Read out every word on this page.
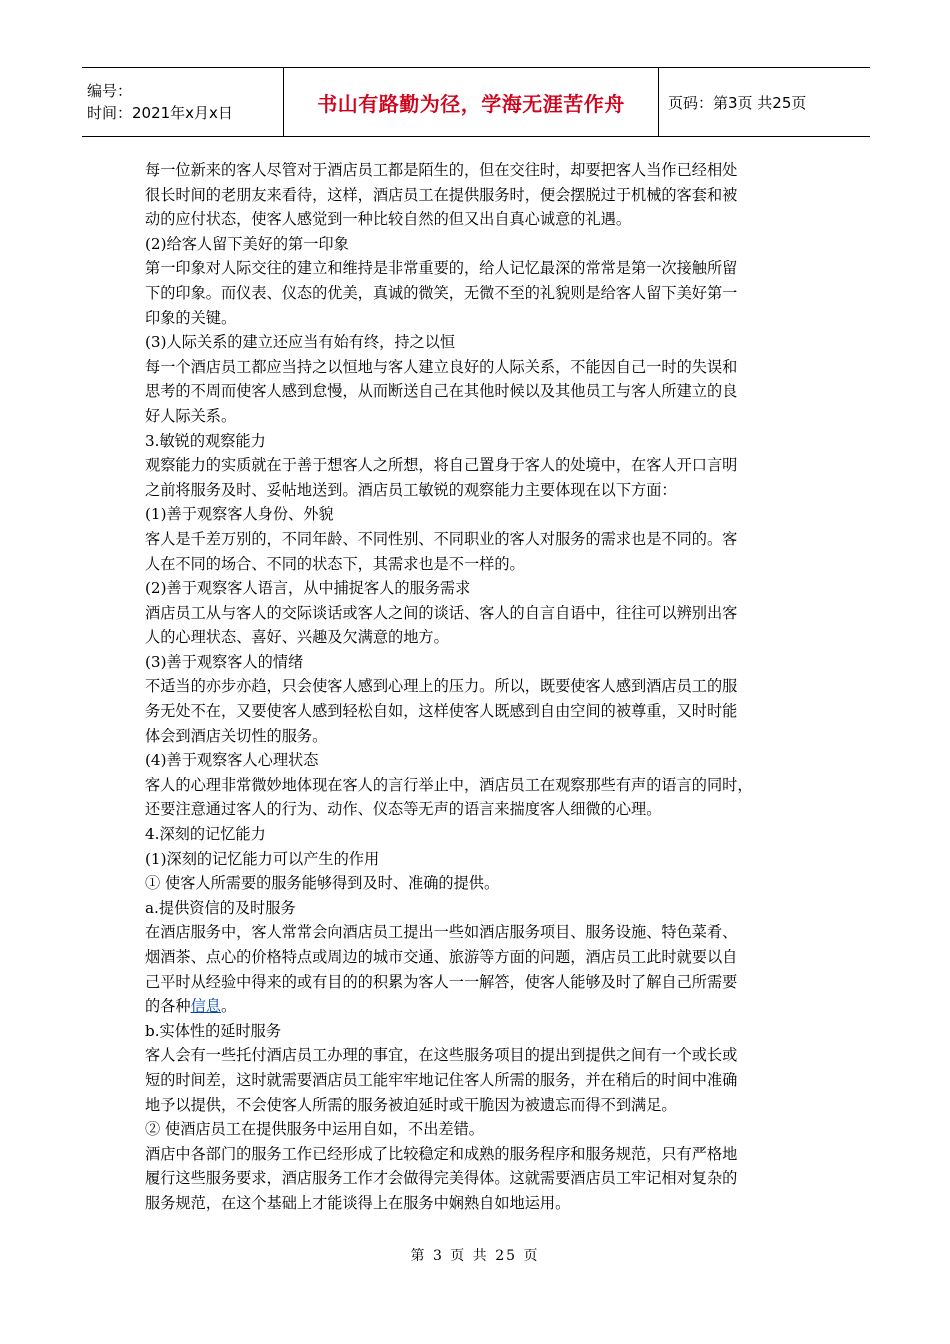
编号：
时间：2021年x月x日	书山有路勤为径，学海无涯苦作舟	页码：第3页 共25页
每一位新来的客人尽管对于酒店员工都是陌生的，但在交往时，却要把客人当作已经相处
很长时间的老朋友来看待，这样，酒店员工在提供服务时，便会摆脱过于机械的客套和被
动的应付状态，使客人感觉到一种比较自然的但又出自真心诚意的礼遇。
(2)给客人留下美好的第一印象
第一印象对人际交往的建立和维持是非常重要的，给人记忆最深的常常是第一次接触所留
下的印象。而仪表、仪态的优美，真诚的微笑，无微不至的礼貌则是给客人留下美好第一
印象的关键。
(3)人际关系的建立还应当有始有终，持之以恒
每一个酒店员工都应当持之以恒地与客人建立良好的人际关系，不能因自己一时的失误和
思考的不周而使客人感到怠慢，从而断送自己在其他时候以及其他员工与客人所建立的良
好人际关系。
3.敏锐的观察能力
观察能力的实质就在于善于想客人之所想，将自己置身于客人的处境中，在客人开口言明
之前将服务及时、妥帖地送到。酒店员工敏锐的观察能力主要体现在以下方面：
(1)善于观察客人身份、外貌
客人是千差万别的，不同年龄、不同性别、不同职业的客人对服务的需求也是不同的。客
人在不同的场合、不同的状态下，其需求也是不一样的。
(2)善于观察客人语言，从中捕捉客人的服务需求
酒店员工从与客人的交际谈话或客人之间的谈话、客人的自言自语中，往往可以辨别出客
人的心理状态、喜好、兴趣及欠满意的地方。
(3)善于观察客人的情绪
不适当的亦步亦趋，只会使客人感到心理上的压力。所以，既要使客人感到酒店员工的服
务无处不在，又要使客人感到轻松自如，这样使客人既感到自由空间的被尊重，又时时能
体会到酒店关切性的服务。
(4)善于观察客人心理状态
客人的心理非常微妙地体现在客人的言行举止中，酒店员工在观察那些有声的语言的同时，
还要注意通过客人的行为、动作、仪态等无声的语言来揣度客人细微的心理。
4.深刻的记忆能力
(1)深刻的记忆能力可以产生的作用
① 使客人所需要的服务能够得到及时、准确的提供。
a.提供资信的及时服务
在酒店服务中，客人常常会向酒店员工提出一些如酒店服务项目、服务设施、特色菜肴、
烟酒茶、点心的价格特点或周边的城市交通、旅游等方面的问题，酒店员工此时就要以自
己平时从经验中得来的或有目的的积累为客人一一解答，使客人能够及时了解自己所需要
的各种信息。
b.实体性的延时服务
客人会有一些托付酒店员工办理的事宜，在这些服务项目的提出到提供之间有一个或长或
短的时间差，这时就需要酒店员工能牢牢地记住客人所需的服务，并在稍后的时间中准确
地予以提供，不会使客人所需的服务被迫延时或干脆因为被遗忘而得不到满足。
② 使酒店员工在提供服务中运用自如，不出差错。
酒店中各部门的服务工作已经形成了比较稳定和成熟的服务程序和服务规范，只有严格地
履行这些服务要求，酒店服务工作才会做得完美得体。这就需要酒店员工牢记相对复杂的
服务规范，在这个基础上才能谈得上在服务中娴熟自如地运用。
第 3 页 共 25 页
